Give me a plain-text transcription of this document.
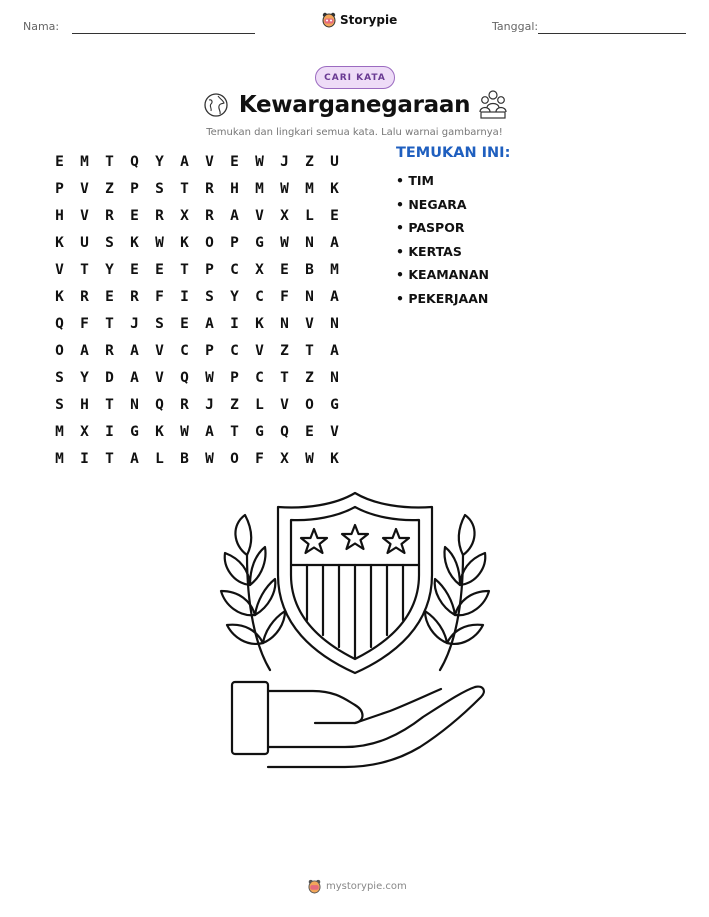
Nama:	Storypie	Tanggal:
CARI KATA
Kewarganegaraan
Temukan dan lingkari semua kata. Lalu warnai gambarnya!
E	M	T	Q	Y	A	V	E	W	J	Z	U
P	V	Z	P	S	T	R	H	M	W	M	K
H	V	R	E	R	X	R	A	V	X	L	E
K	U	S	K	W	K	O	P	G	W	N	A
V	T	Y	E	E	T	P	C	X	E	B	M
K	R	E	R	F	I	S	Y	C	F	N	A
Q	F	T	J	S	E	A	I	K	N	V	N
O	A	R	A	V	C	P	C	V	Z	T	A
S	Y	D	A	V	Q	W	P	C	T	Z	N
S	H	T	N	Q	R	J	Z	L	V	O	G
M	X	I	G	K	W	A	T	G	Q	E	V
M	I	T	A	L	B	W	O	F	X	W	K
TEMUKAN INI:
• TIM
• NEGARA
• PASPOR
• KERTAS
• KEAMANAN
• PEKERJAAN
mystorypie.com
